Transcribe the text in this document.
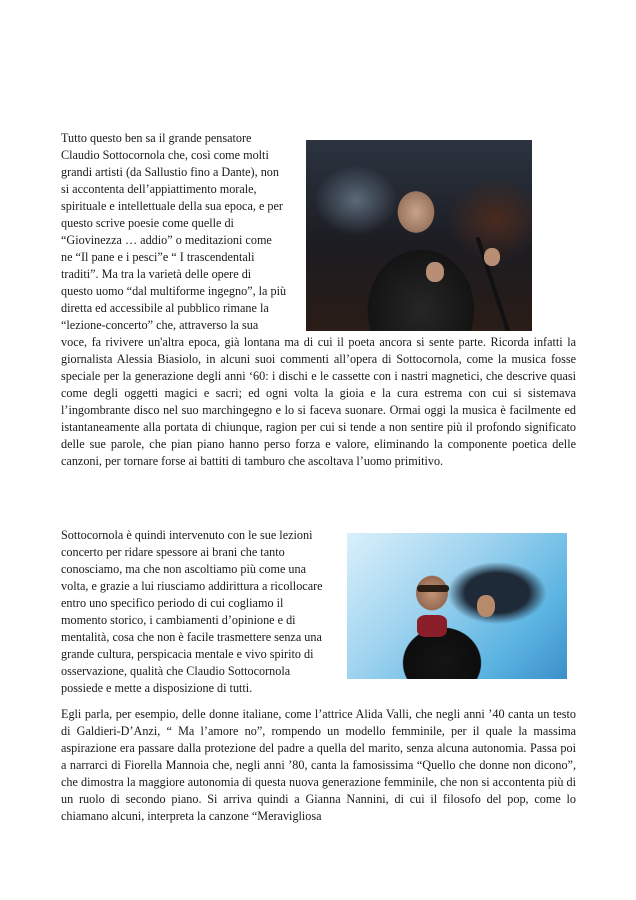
Tutto questo ben sa il grande pensatore
Claudio Sottocornola che, così come molti
grandi artisti (da Sallustio fino a Dante), non
si accontenta dell’appiattimento morale,
spirituale e intellettuale della sua epoca, e per
questo scrive poesie come quelle di
“Giovinezza … addio” o meditazioni come
ne “Il pane e i pesci”e “ I trascendentali
traditi”. Ma tra la varietà delle opere di
questo uomo “dal multiforme ingegno”, la più
diretta ed accessibile al pubblico rimane la
“lezione-concerto” che, attraverso la sua

voce, fa rivivere un'altra epoca, già lontana ma di cui il poeta ancora si sente parte. Ricorda infatti la giornalista Alessia Biasiolo, in alcuni suoi commenti all’opera di Sottocornola, come la musica fosse speciale per la generazione degli anni ‘60: i dischi e le cassette con i nastri magnetici, che descrive quasi come degli oggetti magici e sacri; ed ogni volta la gioia e la cura estrema con cui si sistemava l’ingombrante disco nel suo marchingegno e lo si faceva suonare. Ormai oggi la musica è facilmente ed istantaneamente alla portata di chiunque, ragion per cui si tende a non sentire più il profondo significato delle sue parole, che pian piano hanno perso forza e valore, eliminando la componente poetica delle canzoni, per tornare forse ai battiti di tamburo che ascoltava l’uomo primitivo.

Sottocornola è quindi intervenuto con le sue lezioni
concerto per ridare spessore ai brani che tanto
conosciamo, ma che non ascoltiamo più come una
volta, e grazie a lui riusciamo addirittura a ricollocare
entro uno specifico periodo di cui cogliamo il
momento storico, i cambiamenti d’opinione e di
mentalità, cosa che non è facile trasmettere senza una
grande cultura, perspicacia mentale e vivo spirito di
osservazione, qualità che Claudio Sottocornola
possiede e mette a disposizione di tutti.

Egli parla, per esempio, delle donne italiane, come l’attrice Alida Valli, che negli anni ’40 canta un testo di Galdieri-D’Anzi, “ Ma l’amore no”, rompendo un modello femminile, per il quale la massima aspirazione era passare dalla protezione del padre a quella del marito, senza alcuna autonomia. Passa poi a narrarci di Fiorella Mannoia che, negli anni ’80, canta la famosissima “Quello che donne non dicono”, che dimostra la maggiore autonomia di questa nuova generazione femminile, che non si accontenta più di un ruolo di secondo piano. Si arriva quindi a Gianna Nannini, di cui il filosofo del pop, come lo chiamano alcuni, interpreta la canzone “Meravigliosa
